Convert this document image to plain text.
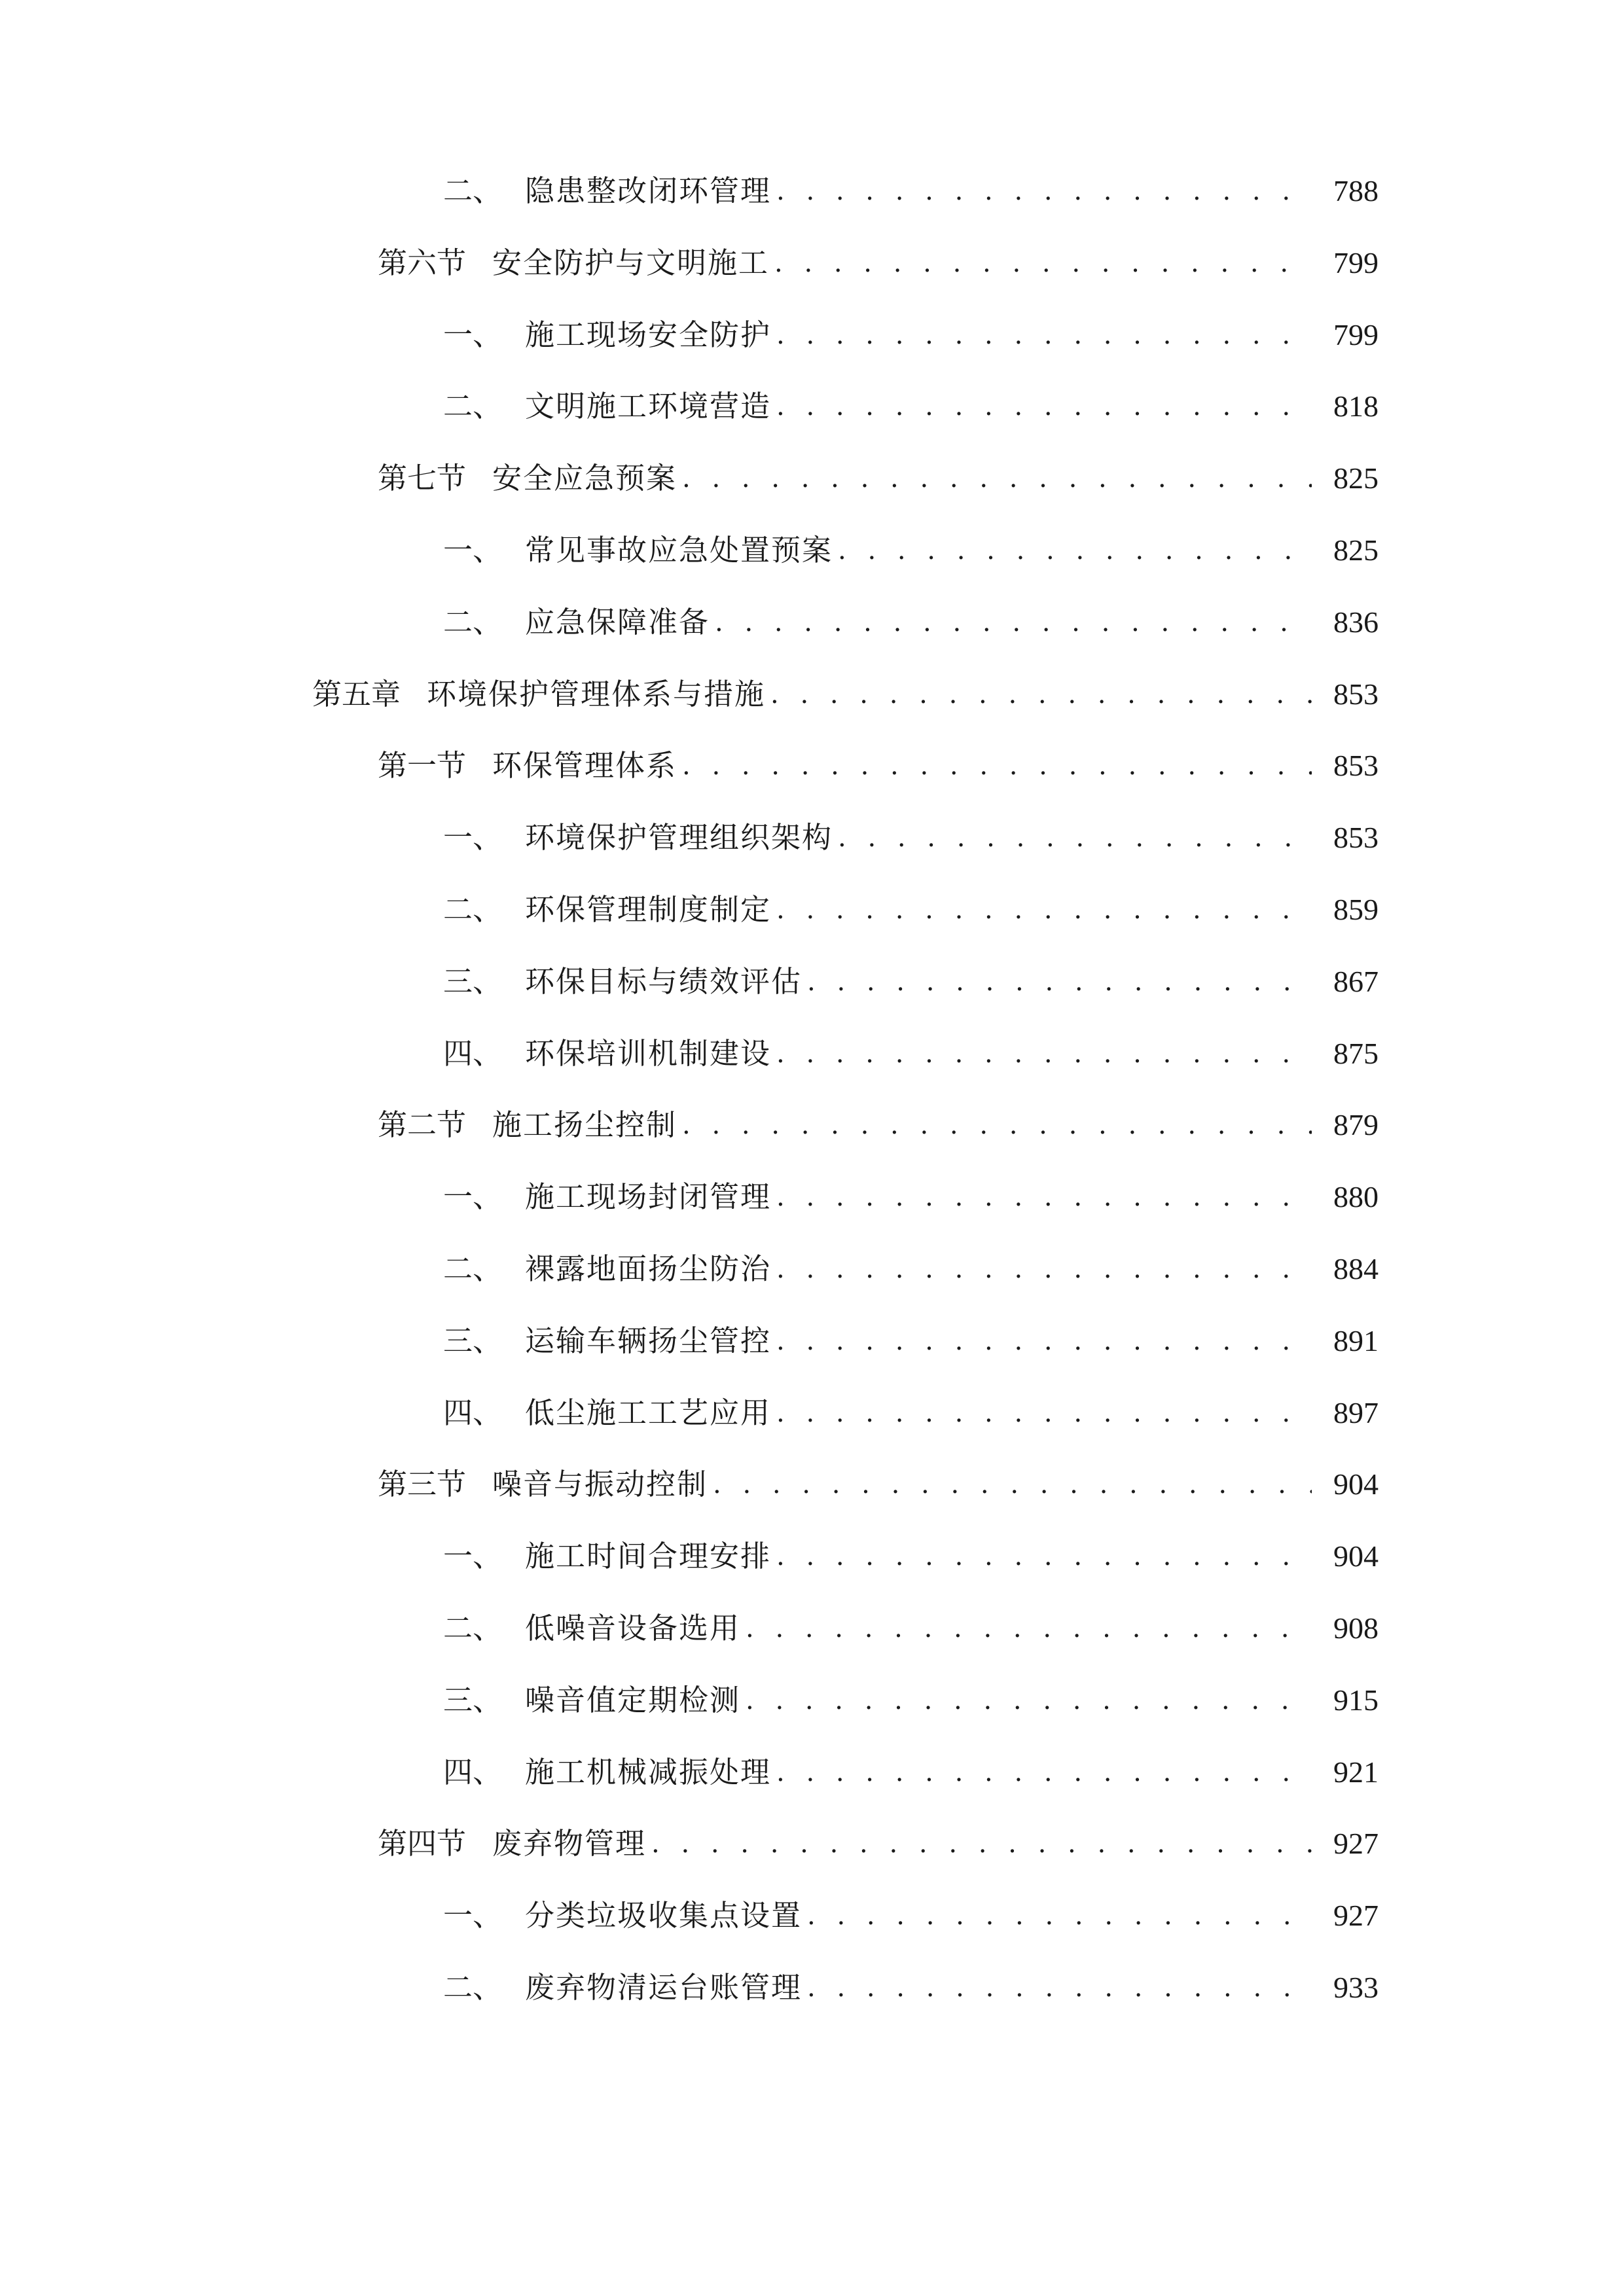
二、 隐患整改闭环管理 . . .	788
第六节 安全防护与文明施工 . . .	799
一、 施工现场安全防护 . . .	799
二、 文明施工环境营造 . . .	818
第七节 安全应急预案 . . .	825
一、 常见事故应急处置预案 . . .	825
二、 应急保障准备 . . .	836
第五章 环境保护管理体系与措施 . . .	853
第一节 环保管理体系 . . .	853
一、 环境保护管理组织架构 . . .	853
二、 环保管理制度制定 . . .	859
三、 环保目标与绩效评估 . . .	867
四、 环保培训机制建设 . . .	875
第二节 施工扬尘控制 . . .	879
一、 施工现场封闭管理 . . .	880
二、 裸露地面扬尘防治 . . .	884
三、 运输车辆扬尘管控 . . .	891
四、 低尘施工工艺应用 . . .	897
第三节 噪音与振动控制 . . .	904
一、 施工时间合理安排 . . .	904
二、 低噪音设备选用 . . .	908
三、 噪音值定期检测 . . .	915
四、 施工机械减振处理 . . .	921
第四节 废弃物管理 . . .	927
一、 分类垃圾收集点设置 . . .	927
二、 废弃物清运台账管理 . . .	933
